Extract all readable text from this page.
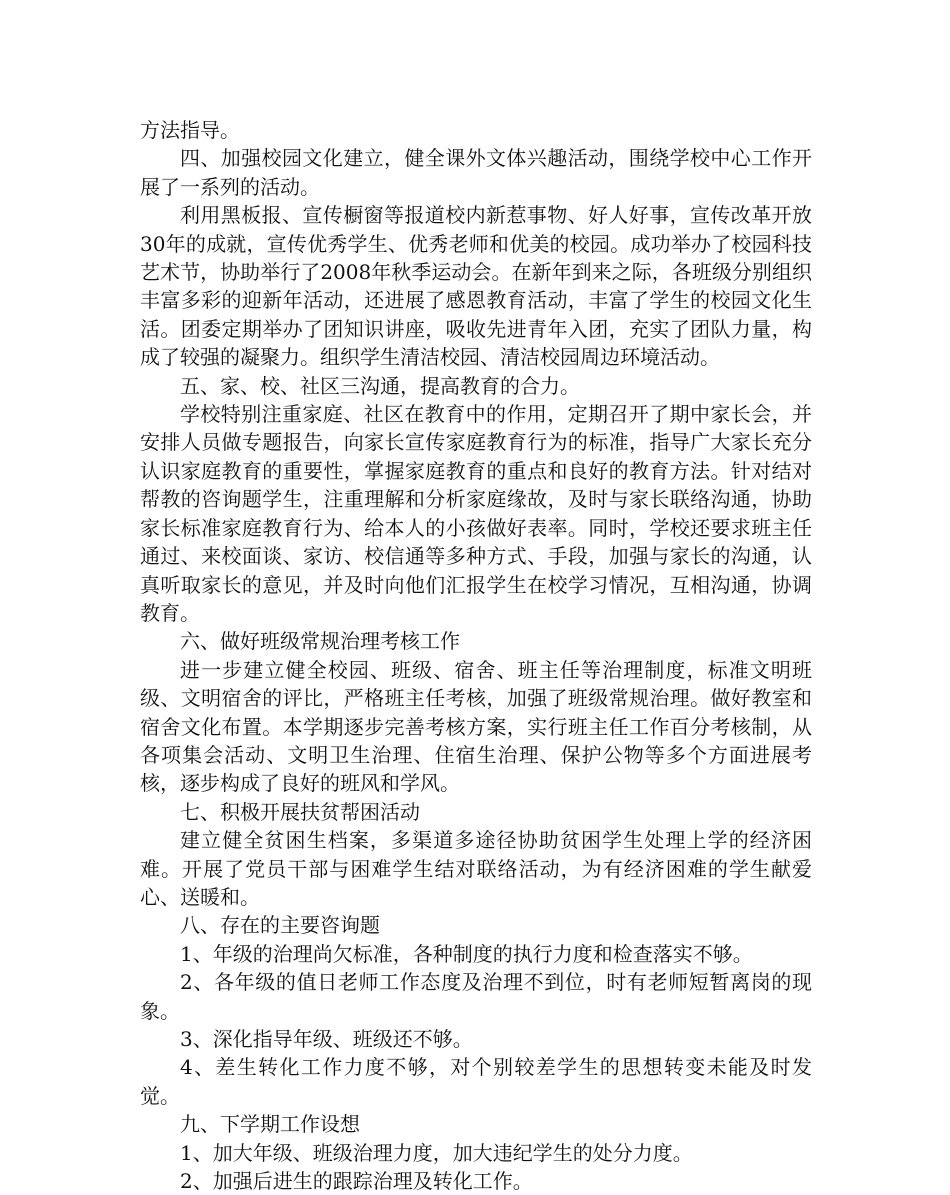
方法指导。

四、加强校园文化建立，健全课外文体兴趣活动，围绕学校中心工作开展了一系列的活动。

利用黑板报、宣传橱窗等报道校内新惹事物、好人好事，宣传改革开放30年的成就，宣传优秀学生、优秀老师和优美的校园。成功举办了校园科技艺术节，协助举行了2008年秋季运动会。在新年到来之际，各班级分别组织丰富多彩的迎新年活动，还进展了感恩教育活动，丰富了学生的校园文化生活。团委定期举办了团知识讲座，吸收先进青年入团，充实了团队力量，构成了较强的凝聚力。组织学生清洁校园、清洁校园周边环境活动。

五、家、校、社区三沟通，提高教育的合力。

学校特别注重家庭、社区在教育中的作用，定期召开了期中家长会，并安排人员做专题报告，向家长宣传家庭教育行为的标准，指导广大家长充分认识家庭教育的重要性，掌握家庭教育的重点和良好的教育方法。针对结对帮教的咨询题学生，注重理解和分析家庭缘故，及时与家长联络沟通，协助家长标准家庭教育行为、给本人的小孩做好表率。同时，学校还要求班主任通过、来校面谈、家访、校信通等多种方式、手段，加强与家长的沟通，认真听取家长的意见，并及时向他们汇报学生在校学习情况，互相沟通，协调教育。

六、做好班级常规治理考核工作

进一步建立健全校园、班级、宿舍、班主任等治理制度，标准文明班级、文明宿舍的评比，严格班主任考核，加强了班级常规治理。做好教室和宿舍文化布置。本学期逐步完善考核方案，实行班主任工作百分考核制，从各项集会活动、文明卫生治理、住宿生治理、保护公物等多个方面进展考核，逐步构成了良好的班风和学风。

七、积极开展扶贫帮困活动

建立健全贫困生档案，多渠道多途径协助贫困学生处理上学的经济困难。开展了党员干部与困难学生结对联络活动，为有经济困难的学生献爱心、送暖和。

八、存在的主要咨询题

1、年级的治理尚欠标准，各种制度的执行力度和检查落实不够。

2、各年级的值日老师工作态度及治理不到位，时有老师短暂离岗的现象。

3、深化指导年级、班级还不够。

4、差生转化工作力度不够，对个别较差学生的思想转变未能及时发觉。

九、下学期工作设想

1、加大年级、班级治理力度，加大违纪学生的处分力度。

2、加强后进生的跟踪治理及转化工作。
